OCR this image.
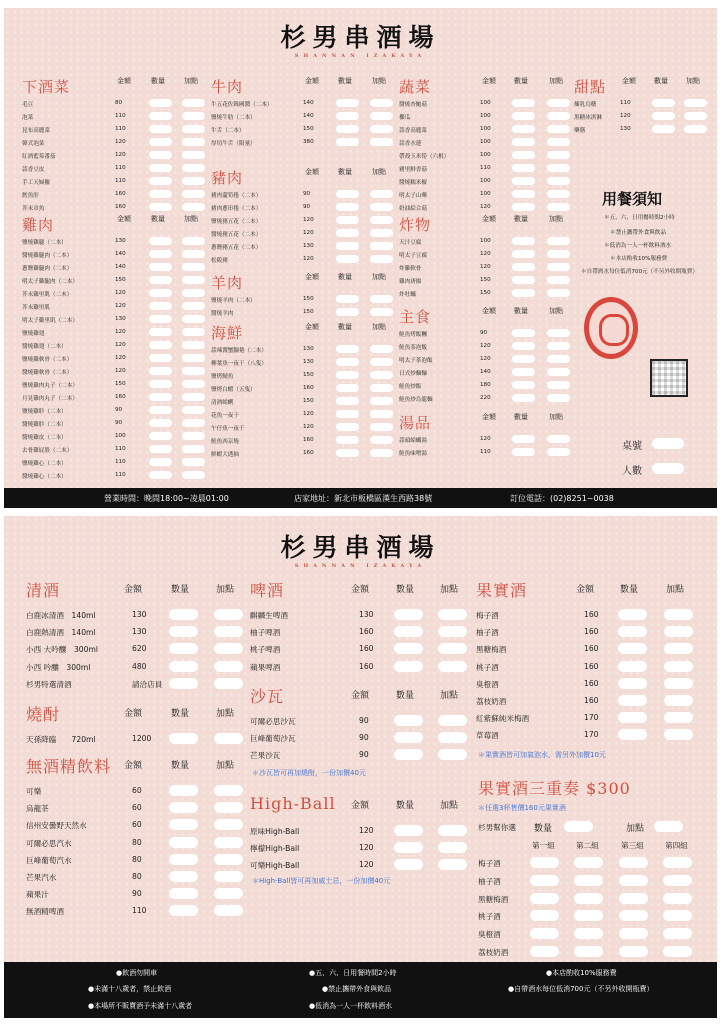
杉男串酒場
SHANNAN IZAKAYA
下酒菜	金額	數量	加點
毛豆	80
泡菜	110
昆布高麗菜	110
韓式泡菜	120
紅酒藍莓番茄	120
蒜香豆皮	110
手工天婦羅	110
鱈魚肝	160
芥末章魚	160
雞肉	金額	數量	加點
鹽燒雞腿（二本）	130
醬燒雞腿肉（二本）	140
蔥鹽雞腿肉（二本）	140
明太子雞腿肉（二本）	150
芥末雞里肌（二本）	120
芥末雞里肌	120
明太子雞里肌（二本）	130
鹽燒雞翅	120
醬燒雞翅（二本）	120
鹽燒雞軟骨（二本）	120
醬燒雞軟骨（二本）	120
鹽燒雞肉丸子（二本）	150
月見雞肉丸子（二本）	160
鹽燒雞胗（二本）	90
醬燒雞胗（二本）	90
醬燒雞皮（二本）	100
去骨雞屁股（二本）	110
鹽燒雞心（二本）	110
醬燒雞心（二本）	110
牛肉	金額	數量	加點
牛五花佐韓國醬（二本）	140
鹽燒牛肋（二本）	140
牛舌（二本）	150
厚切牛舌（限量）	380
豬肉	金額	數量	加點
豬肉蘆筍捲（二本）	90
豬肉蔥串捲（二本）	90
鹽燒豬五花（二本）	120
醬燒豬五花（二本）	120
蔥鹽豬五花（二本）	130
松阪豬	120
羊肉	金額	數量	加點
鹽燒羊肉（二本）	150
醬燒羊肉	150
海鮮	金額	數量	加點
蒜辣醬蟹腳捲（二本）	130
柳葉魚一夜干（八隻）	130
鹽烤鯖魚	150
鹽烤白蝦（五隻）	160
清酒蛤蜊	150
花魚一夜干	120
午仔魚一夜干	120
鮭魚西京燒	160
鮮蝦大透抽	160
蔬菜	金額	數量	加點
醬燒杏鮑菇	100
櫛瓜	100
蒜香高麗菜	100
蒜香水蓮	100
帶殼玉米筍（六根）	100
豬里鮮香菇	110
醬燒糯米椒	100
明太子山藥	100
奶油綜合菇	120
炸物	金額	數量	加點
天汁豆腐	100
明太子豆腐	120
炸雞軟骨	120
雞肉唐揚	150
炸牡蠣	150
主食	金額	數量	加點
鮭魚烤飯糰	90
鮭魚茶泡飯	120
明太子茶泡飯	120
日式炒麵麵	140
鮭魚炒飯	180
鮭魚炒烏龍麵	220
湯品	金額	數量	加點
蒜頭蛤蠣湯	120
鮭魚味噌湯	110
甜點 金額	數量	加點
煉乳烏糬	110
黑糖冰淇淋	120
藥膳	130
用餐須知
＊五、六、日用餐時間2小時
＊禁止攜帶外食與飲品
＊低消為一人一杯飲料酒水
＊本店酌收10%服務費
＊自帶酒水每位低消700元（不另外收開瓶費）
桌號
人數
營業時間：晚間18:00~凌晨01:00	店家地址：新北市板橋區漢生西路38號	訂位電話：(02)8251~0038
杉男串酒場
SHANNAN IZAKAYA
清酒	金額	數量	加點
白鹿冰清酒　140ml	130
白鹿熱清酒　140ml	130
小西 大吟釀　300ml	620
小西 吟釀　300ml	480
杉男特選清酒	請洽店員
燒酎	金額	數量	加點
天孫降臨　　720ml	1200
無酒精飲料 金額	數量	加點
可樂	60
烏龍茶	60
信州安曇野天然水	60
可爾必思汽水	80
巨峰葡萄汽水	80
芒果汽水	80
蘋果汁	90
無酒精啤酒	110
啤酒	金額	數量	加點
麒麟生啤酒	130
柚子啤酒	160
桃子啤酒	160
蘋果啤酒	160
沙瓦	金額	數量	加點
可爾必思沙瓦	90
巨峰葡萄沙瓦	90
芒果沙瓦	90
High-Ball 金額	數量	加點
原味High-Ball	120
檸檬High-Ball	120
可樂High-Ball	120
果實酒	金額	數量	加點
梅子酒	160
柚子酒	160
黑糖梅酒	160
桃子酒	160
臭橙酒	160
荔枝奶酒	160
紅紫蘇純米梅酒	170
草莓酒	170
＊沙瓦皆可再加燒酎，一份加價40元
＊High-Ball皆可再加威士忌，一份加價40元
＊果實酒皆可加氣泡水，需另外加價10元
果實酒三重奏 $300
＊任選3杯售價160元果實酒
杉男幫你選 數量	加點
第一組	第二組	第三組	第四組
梅子酒
柚子酒
黑糖梅酒
桃子酒
臭橙酒
荔枝奶酒
●飲酒勿開車	●五、六、日用餐時間2小時	●本店酌收10%服務費
●未滿十八歲者，禁止飲酒	●禁止攜帶外食與飲品	●自帶酒水每位低消700元（不另外收開瓶費）
●本場所不販賣酒予未滿十八歲者	●低消為一人一杯飲料酒水
